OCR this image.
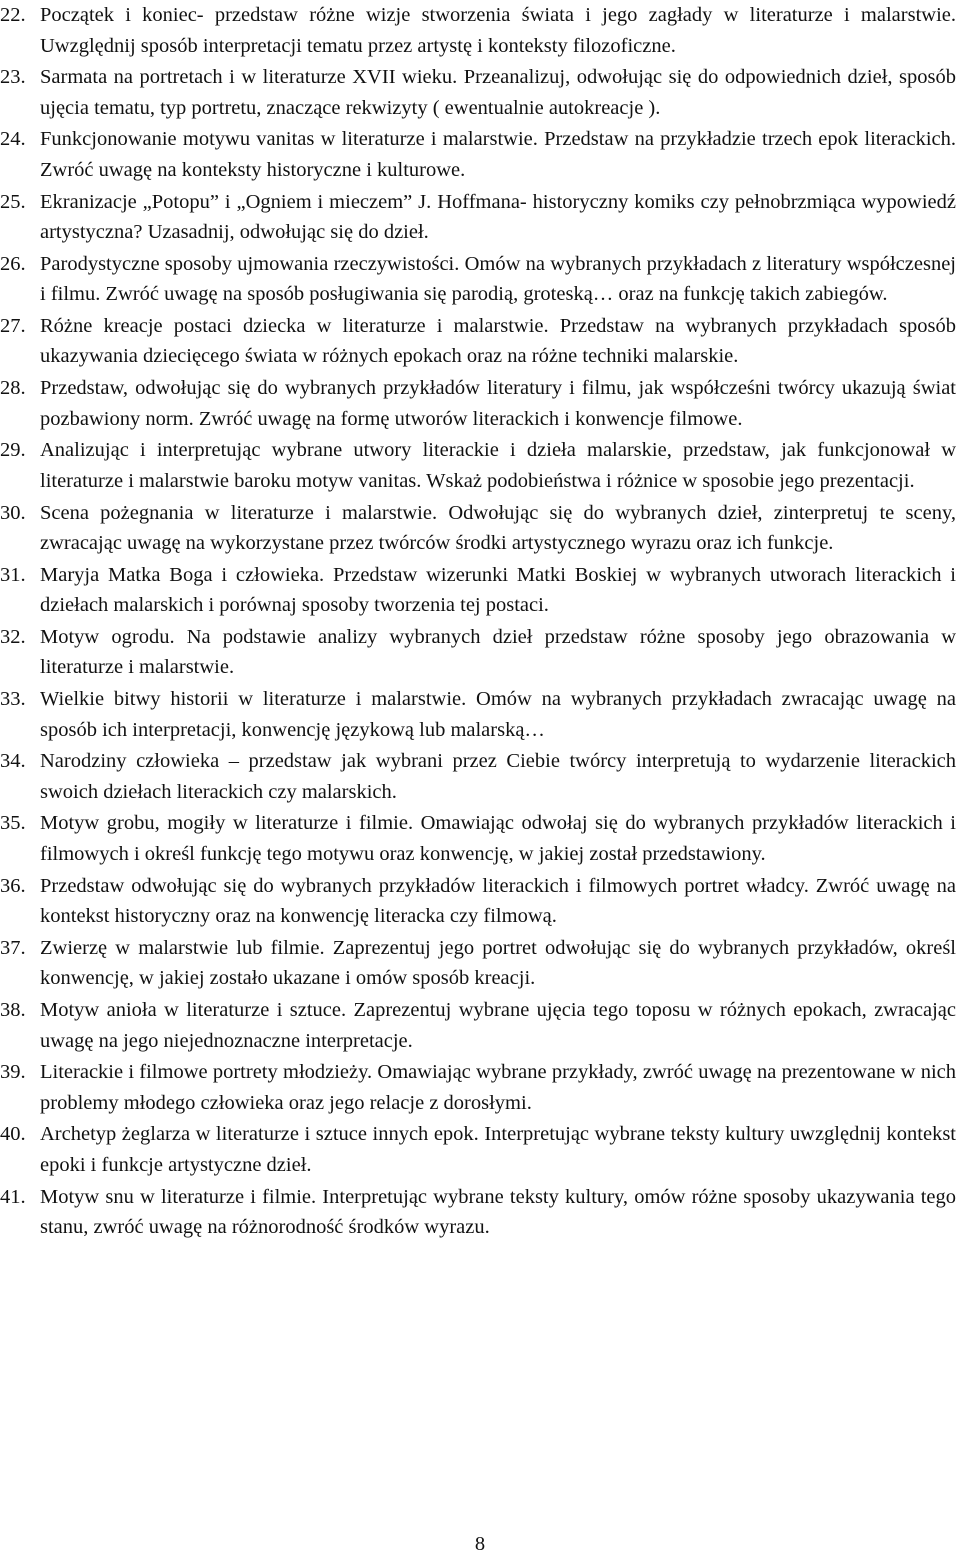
22. Początek i koniec- przedstaw różne wizje stworzenia świata i jego zagłady w literaturze i malarstwie. Uwzględnij sposób interpretacji tematu przez artystę i konteksty filozoficzne.
23. Sarmata na portretach i w literaturze XVII wieku. Przeanalizuj, odwołując się do odpowiednich dzieł, sposób ujęcia tematu, typ portretu, znaczące rekwizyty ( ewentualnie autokreacje ).
24. Funkcjonowanie motywu vanitas w literaturze i malarstwie. Przedstaw na przykładzie trzech epok literackich. Zwróć uwagę na konteksty historyczne i kulturowe.
25. Ekranizacje „Potopu” i „Ogniem i mieczem” J. Hoffmana- historyczny komiks czy pełnobrzmiąca wypowiedź artystyczna? Uzasadnij, odwołując się do dzieł.
26. Parodystyczne sposoby ujmowania rzeczywistości. Omów na wybranych przykładach z literatury współczesnej i filmu. Zwróć uwagę na sposób posługiwania się parodią, groteską… oraz na funkcję takich zabiegów.
27. Różne kreacje postaci dziecka w literaturze i malarstwie. Przedstaw na wybranych przykładach sposób ukazywania dziecięcego świata w różnych epokach oraz na różne techniki malarskie.
28. Przedstaw, odwołując się do wybranych przykładów literatury i filmu, jak współcześni twórcy ukazują świat pozbawiony norm. Zwróć uwagę na formę utworów literackich i konwencje filmowe.
29. Analizując i interpretując wybrane utwory literackie i dzieła malarskie, przedstaw, jak funkcjonował w literaturze i malarstwie baroku motyw vanitas. Wskaż podobieństwa i różnice w sposobie jego prezentacji.
30. Scena pożegnania w literaturze i malarstwie. Odwołując się do wybranych dzieł, zinterpretuj te sceny, zwracając uwagę na wykorzystane przez twórców środki artystycznego wyrazu oraz ich funkcje.
31. Maryja Matka Boga i człowieka. Przedstaw wizerunki Matki Boskiej w wybranych utworach literackich i dziełach malarskich i porównaj sposoby tworzenia tej postaci.
32. Motyw ogrodu. Na podstawie analizy wybranych dzieł przedstaw różne sposoby jego obrazowania w literaturze i malarstwie.
33. Wielkie bitwy historii w literaturze i malarstwie. Omów na wybranych przykładach zwracając uwagę na sposób ich interpretacji, konwencję językową lub malarską…
34. Narodziny człowieka – przedstaw jak wybrani przez Ciebie twórcy interpretują to wydarzenie literackich swoich dziełach literackich czy malarskich.
35. Motyw grobu, mogiły w literaturze i filmie. Omawiając odwołaj się do wybranych przykładów literackich i filmowych i określ funkcję tego motywu oraz konwencję, w jakiej został przedstawiony.
36. Przedstaw odwołując się do wybranych przykładów literackich i filmowych portret władcy. Zwróć uwagę na kontekst historyczny oraz na konwencję literacka czy filmową.
37. Zwierzę w malarstwie lub filmie. Zaprezentuj jego portret odwołując się do wybranych przykładów, określ konwencję, w jakiej zostało ukazane i omów sposób kreacji.
38. Motyw anioła w literaturze i sztuce. Zaprezentuj wybrane ujęcia tego toposu w różnych epokach, zwracając uwagę na jego niejednoznaczne interpretacje.
39. Literackie i filmowe portrety młodzieży. Omawiając wybrane przykłady, zwróć uwagę na prezentowane w nich problemy młodego człowieka oraz jego relacje z dorosłymi.
40. Archetyp żeglarza w literaturze i sztuce innych epok. Interpretując wybrane teksty kultury uwzględnij kontekst epoki i funkcje artystyczne dzieł.
41. Motyw snu w literaturze i filmie. Interpretując wybrane teksty kultury, omów różne sposoby ukazywania tego stanu, zwróć uwagę na różnorodność środków wyrazu.
8
